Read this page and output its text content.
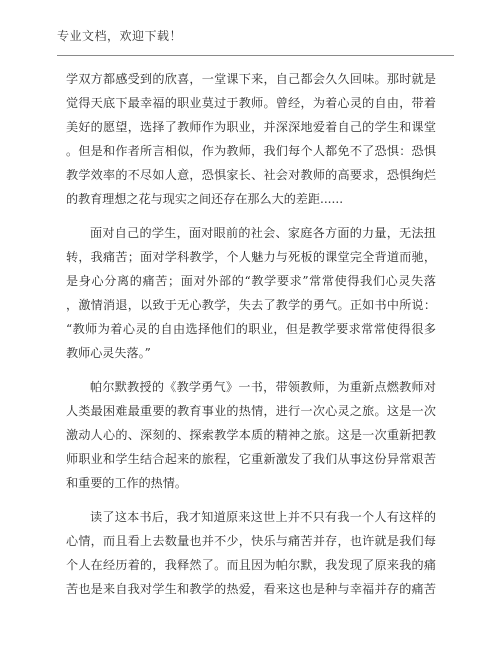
专业文档，欢迎下载！

学双方都感受到的欣喜，一堂课下来，自己都会久久回味。那时就是

觉得天底下最幸福的职业莫过于教师。曾经，为着心灵的自由，带着

美好的愿望，选择了教师作为职业，并深深地爱着自己的学生和课堂

。但是和作者所言相似，作为教师，我们每个人都免不了恐惧：恐惧

教学效率的不尽如人意，恐惧家长、社会对教师的高要求，恐惧绚烂

的教育理想之花与现实之间还存在那么大的差距......

面对自己的学生，面对眼前的社会、家庭各方面的力量，无法扭

转，我痛苦；面对学科教学，个人魅力与死板的课堂完全背道而驰，

是身心分离的痛苦；面对外部的“教学要求”常常使得我们心灵失落

，激情消退，以致于无心教学，失去了教学的勇气。正如书中所说：

“教师为着心灵的自由选择他们的职业，但是教学要求常常使得很多

教师心灵失落。”

帕尔默教授的《教学勇气》一书，带领教师，为重新点燃教师对

人类最困难最重要的教育事业的热情，进行一次心灵之旅。这是一次

激动人心的、深刻的、探索教学本质的精神之旅。这是一次重新把教

师职业和学生结合起来的旅程，它重新激发了我们从事这份异常艰苦

和重要的工作的热情。

读了这本书后，我才知道原来这世上并不只有我一个人有这样的

心情，而且看上去数量也并不少，快乐与痛苦并存，也许就是我们每

个人在经历着的，我释然了。而且因为帕尔默，我发现了原来我的痛

苦也是来自我对学生和教学的热爱，看来这也是种与幸福并存的痛苦
